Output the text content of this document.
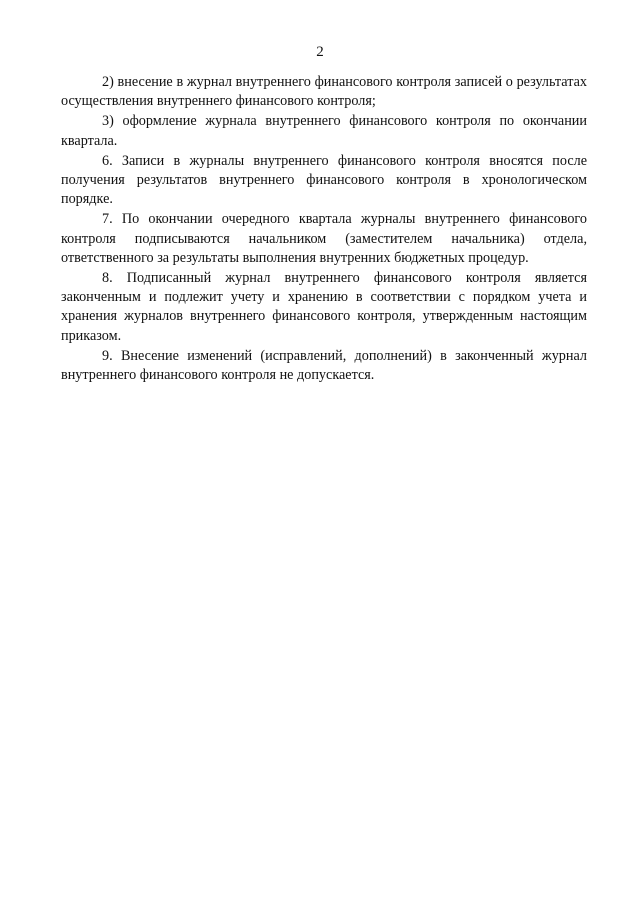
2

2) внесение в журнал внутреннего финансового контроля записей о результатах осуществления внутреннего финансового контроля;

3) оформление журнала внутреннего финансового контроля по окончании квартала.

6. Записи в журналы внутреннего финансового контроля вносятся после получения результатов внутреннего финансового контроля в хронологическом порядке.

7. По окончании очередного квартала журналы внутреннего финансового контроля подписываются начальником (заместителем начальника) отдела, ответственного за результаты выполнения внутренних бюджетных процедур.

8. Подписанный журнал внутреннего финансового контроля является законченным и подлежит учету и хранению в соответствии с порядком учета и хранения журналов внутреннего финансового контроля, утвержденным настоящим приказом.

9. Внесение изменений (исправлений, дополнений) в законченный журнал внутреннего финансового контроля не допускается.
